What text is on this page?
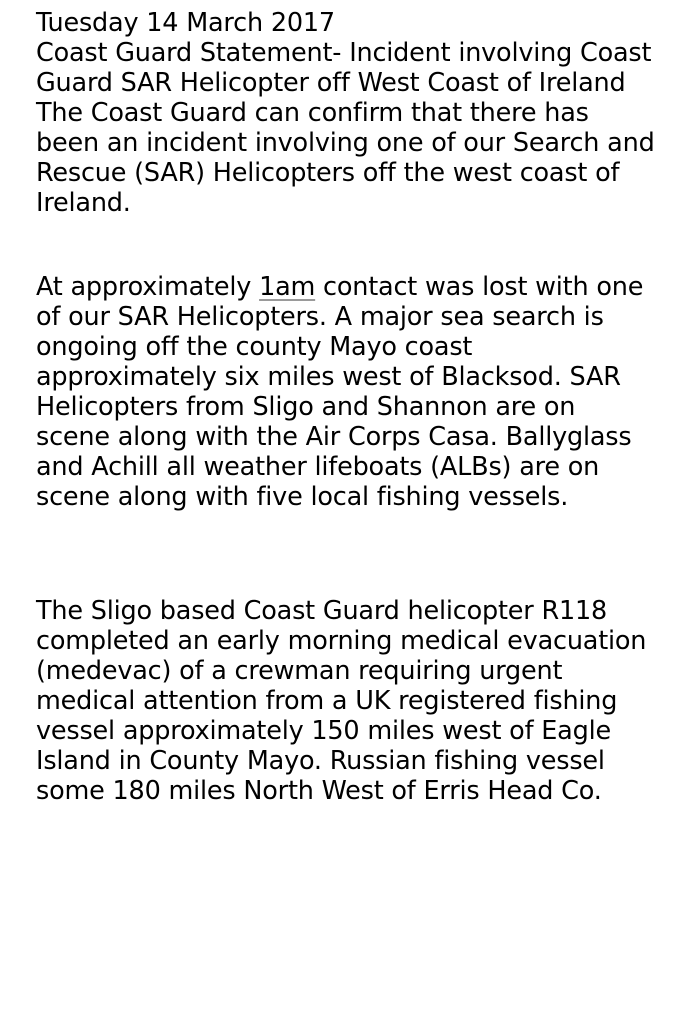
Tuesday 14 March 2017
Coast Guard Statement- Incident involving Coast
Guard SAR Helicopter off West Coast of Ireland
The Coast Guard can confirm that there has
been an incident involving one of our Search and
Rescue (SAR) Helicopters off the west coast of
Ireland.
At approximately 1am contact was lost with one
of our SAR Helicopters. A major sea search is
ongoing off the county Mayo coast
approximately six miles west of Blacksod. SAR
Helicopters from Sligo and Shannon are on
scene along with the Air Corps Casa. Ballyglass
and Achill all weather lifeboats (ALBs) are on
scene along with five local fishing vessels.
The Sligo based Coast Guard helicopter R118
completed an early morning medical evacuation
(medevac) of a crewman requiring urgent
medical attention from a UK registered fishing
vessel approximately 150 miles west of Eagle
Island in County Mayo. Russian fishing vessel
some 180 miles North West of Erris Head Co.
